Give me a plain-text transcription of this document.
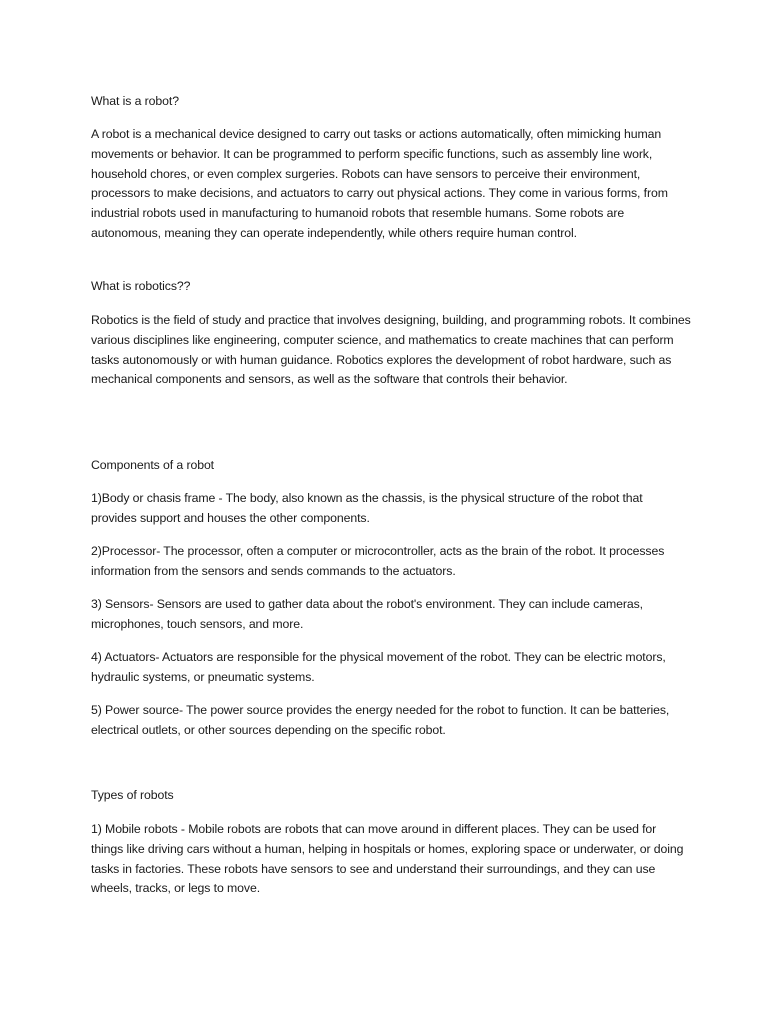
What is a robot?

A robot is a mechanical device designed to carry out tasks or actions automatically, often mimicking human movements or behavior. It can be programmed to perform specific functions, such as assembly line work, household chores, or even complex surgeries. Robots can have sensors to perceive their environment, processors to make decisions, and actuators to carry out physical actions. They come in various forms, from industrial robots used in manufacturing to humanoid robots that resemble humans. Some robots are autonomous, meaning they can operate independently, while others require human control.

What is robotics??

Robotics is the field of study and practice that involves designing, building, and programming robots. It combines various disciplines like engineering, computer science, and mathematics to create machines that can perform tasks autonomously or with human guidance. Robotics explores the development of robot hardware, such as mechanical components and sensors, as well as the software that controls their behavior.

Components of a robot

1)Body or chasis frame - The body, also known as the chassis, is the physical structure of the robot that provides support and houses the other components.

2)Processor- The processor, often a computer or microcontroller, acts as the brain of the robot. It processes information from the sensors and sends commands to the actuators.

3) Sensors- Sensors are used to gather data about the robot's environment. They can include cameras, microphones, touch sensors, and more.

4) Actuators- Actuators are responsible for the physical movement of the robot. They can be electric motors, hydraulic systems, or pneumatic systems.

5) Power source- The power source provides the energy needed for the robot to function. It can be batteries, electrical outlets, or other sources depending on the specific robot.

Types of robots

1) Mobile robots - Mobile robots are robots that can move around in different places. They can be used for things like driving cars without a human, helping in hospitals or homes, exploring space or underwater, or doing tasks in factories. These robots have sensors to see and understand their surroundings, and they can use wheels, tracks, or legs to move.
